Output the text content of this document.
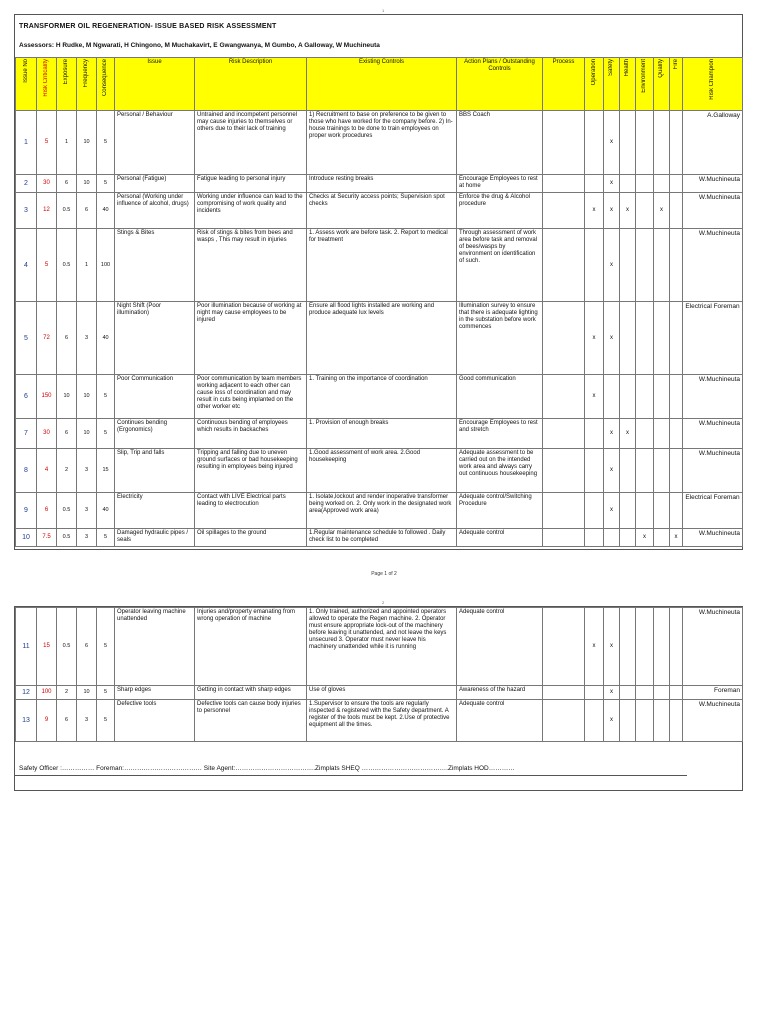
1
TRANSFORMER OIL REGENERATION- ISSUE BASED RISK ASSESSMENT
Assessors: H Rudke, M Ngwarati, H Chingono, M Muchakavirt, E Gwangwanya, M Gumbo, A Galloway, W Muchineuta
Issue No	Risk Criticality	Exposure	Frequency	Consequence	Issue	Risk Description	Existing Controls	Action Plans / Outstanding Controls	Process	Operation	Safety	Health	Environment	Quality	Fire	Risk Champion
1	5	1	10	5	Personal / Behaviour	Untrained and incompetent personnel may cause injuries to themselves or others due to their lack of training	1) Recruitment to base on preference to be given to those who have worked for the company before. 2) In-house trainings to be done to train employees on proper work procedures	BBS Coach			x					A.Galloway
2	30	6	10	5	Personal (Fatigue)	Fatigue leading to personal injury	Introduce resting breaks	Encourage Employees to rest at home			x					W.Muchineuta
3	12	0.5	6	40	Personal (Working under influence of alcohol, drugs)	Working under influence can lead to the compromising of work quality and incidents	Checks at Security access points; Supervision spot checks	Enforce the drug & Alcohol procedure		x	x	x		x		W.Muchineuta
4	5	0.5	1	100	Stings & Bites	Risk of stings & bites from bees and wasps , This may result in injuries	1. Assess work are before task. 2. Report to medical for treatment	Through assessment of work area before task and removal of bees/wasps by environment on identification of such.			x					W.Muchineuta
5	72	6	3	40	Night Shift (Poor illumination)	Poor illumination because of working at night may cause employees to be injured	Ensure all flood lights installed are working and produce adequate lux levels	Illumination survey to ensure that there is adequate lighting in the substation before work commences		x	x					Electrical Foreman
6	150	10	10	5	Poor Communication	Poor communication by team members working adjacent to each other can cause loss of coordination and may result in cuts being implanted on the other worker etc	1. Training on the importance of coordination	Good communication		x						W.Muchineuta
7	30	6	10	5	Continues bending (Ergonomics)	Continuous bending of employees which results in backaches	1. Provision of enough breaks	Encourage Employees to rest and stretch			x	x				W.Muchineuta
8	4	2	3	15	Slip, Trip and falls	Tripping and falling due to uneven ground surfaces or bad housekeeping resulting in employees being injured	1.Good assessment of work area. 2.Good housekeeping	Adequate assessment to be carried out on the intended work area and always carry out continuous housekeeping			x					W.Muchineuta
9	6	0.5	3	40	Electricity	Contact with LIVE Electrical parts leading to electrocution	1. Isolate,lockout and render inoperative transformer being worked on. 2. Only work in the designated work area(Approved work area)	Adequate control/Switching Procedure			x					Electrical Foreman
10	7.5	0.5	3	5	Damaged hydraulic pipes / seals	Oil spillages to the ground	1.Regular maintenance schedule to followed . Daily check list to be completed	Adequate control					x		x	W.Muchineuta
Page 1 of 2
2
11	15	0.5	6	5	Operator leaving machine unattended	Injuries and/property emanating from wrong operation of machine	1. Only trained, authorized and appointed operators allowed to operate the Regen machine. 2. Operator must ensure appropriate lock-out of the machinery before leaving it unattended, and not leave the keys unsecured 3. Operator must never leave his machinery unattended while it is running	Adequate control		x	x					W.Muchineuta
12	100	2	10	5	Sharp edges	Getting in contact with sharp edges	Use of gloves	Awareness of the hazard			x					Foreman
13	9	6	3	5	Defective tools	Defective tools can cause body injuries to personnel	1.Supervisor to ensure the tools are regularly inspected & registered with the Safety department. A register of the tools must be kept. 2.Use of protective equipment all the times.	Adequate control			x					W.Muchineuta
Safety Officer :…………… Foreman:……………………………… Site Agent:……………………………….Zimplats SHEQ ………………………………….Zimplats HOD…………
